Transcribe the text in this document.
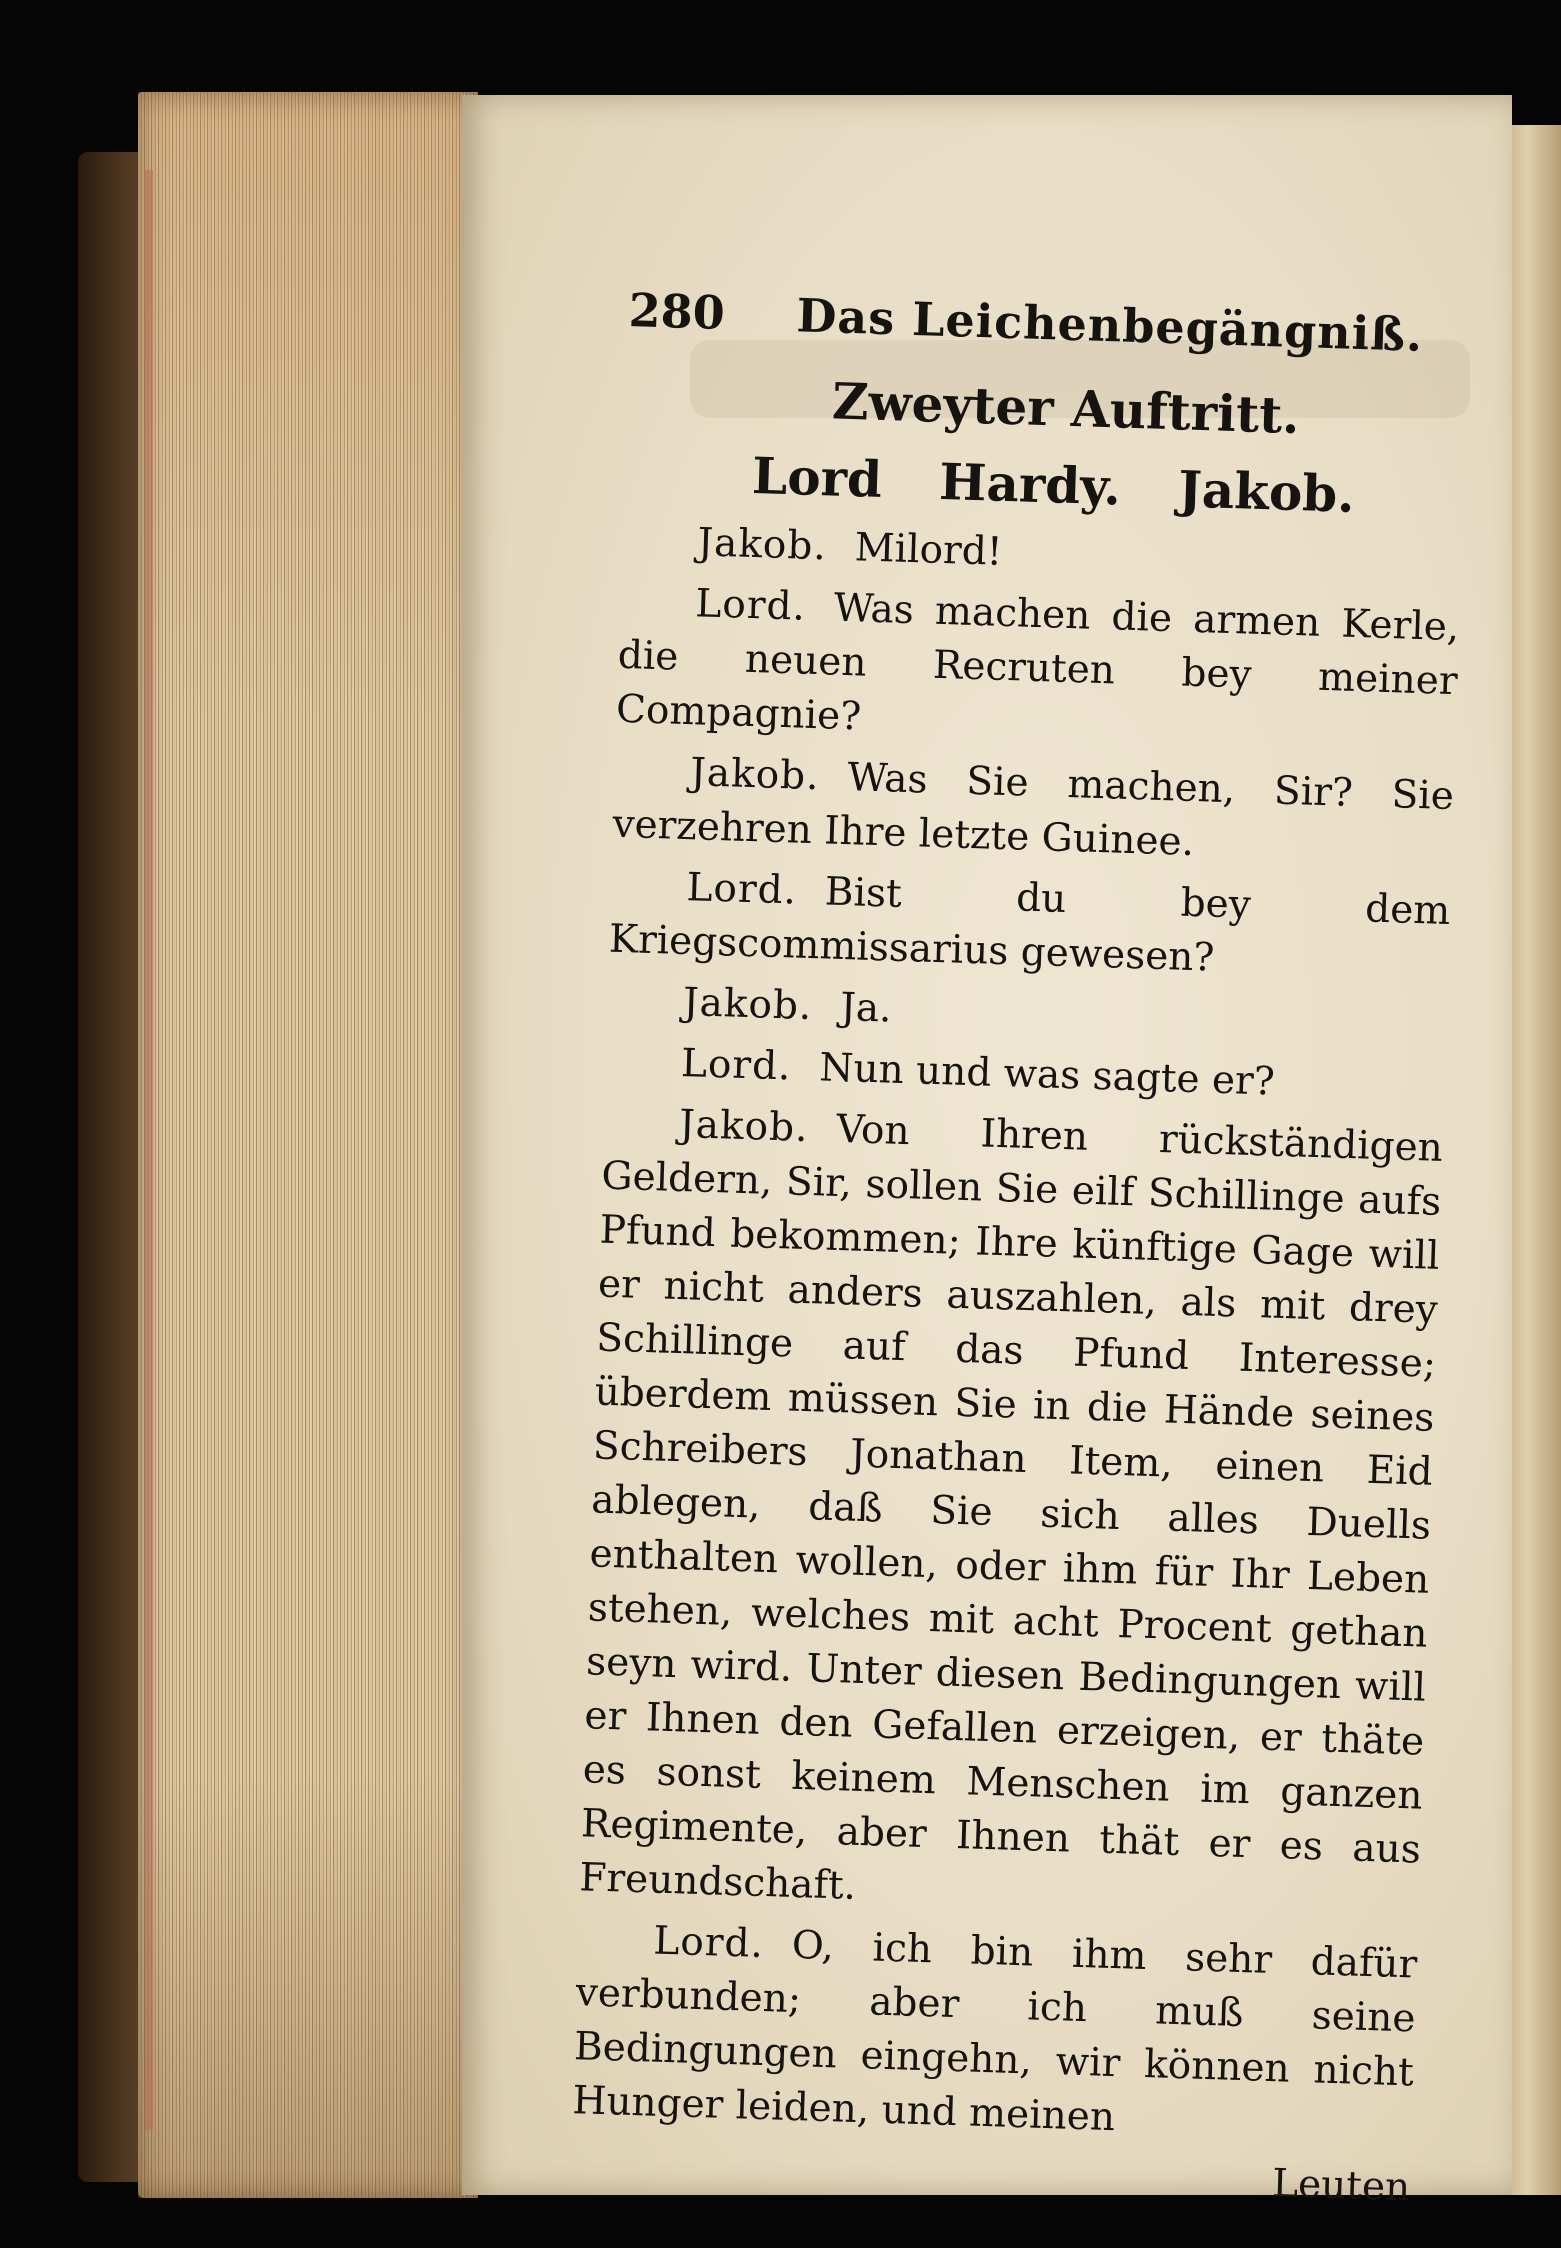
280 Das Leichenbegängniß.
Zweyter Auftritt.
Lord Hardy. Jakob.

Jakob. Milord!

Lord. Was machen die armen Kerle, die neuen Recruten bey meiner Compagnie?

Jakob. Was Sie machen, Sir? Sie verzehren Ihre letzte Guinee.

Lord. Bist du bey dem Kriegscommissarius gewesen?

Jakob. Ja.

Lord. Nun und was sagte er?

Jakob. Von Ihren rückständigen Geldern, Sir, sollen Sie eilf Schillinge aufs Pfund bekommen; Ihre künftige Gage will er nicht anders auszahlen, als mit drey Schillinge auf das Pfund Interesse; überdem müssen Sie in die Hände seines Schreibers Jonathan Item, einen Eid ablegen, daß Sie sich alles Duells enthalten wollen, oder ihm für Ihr Leben stehen, welches mit acht Procent gethan seyn wird. Unter diesen Bedingungen will er Ihnen den Gefallen erzeigen, er thäte es sonst keinem Menschen im ganzen Regimente, aber Ihnen thät er es aus Freundschaft.

Lord. O, ich bin ihm sehr dafür verbunden; aber ich muß seine Bedingungen eingehn, wir können nicht Hunger leiden, und meinen

Leuten
